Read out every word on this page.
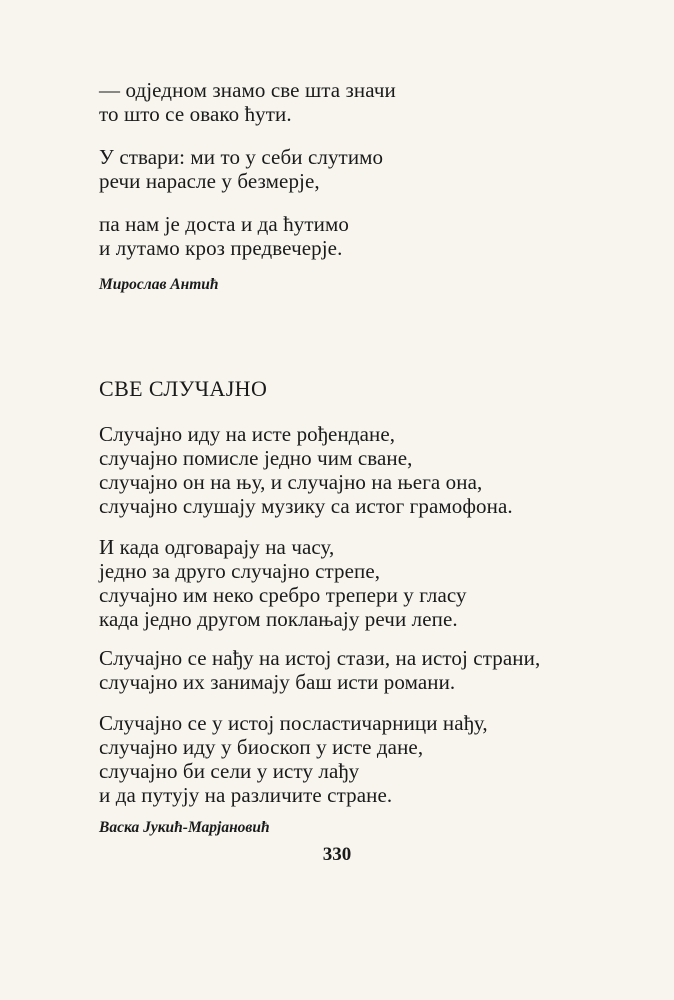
— одједном знамо све шта значи
то што се овако ћути.
У ствари: ми то у себи слутимо
речи нарасле у безмерје,
па нам је доста и да ћутимо
и лутамо кроз предвечерје.
Мирослав Антић
СВЕ СЛУЧАЈНО
Случајно иду на исте рођендане,
случајно помисле једно чим сване,
случајно он на њу, и случајно на њега она,
случајно слушају музику са истог грамофона.
И када одговарају на часу,
једно за друго случајно стрепе,
случајно им неко сребро трепери у гласу
када једно другом поклањају речи лепе.
Случајно се нађу на истој стази, на истој страни,
случајно их занимају баш исти романи.
Случајно се у истој посластичарници нађу,
случајно иду у биоскоп у исте дане,
случајно би сели у исту лађу
и да путују на различите стране.
Васка Јукић-Марјановић
330
